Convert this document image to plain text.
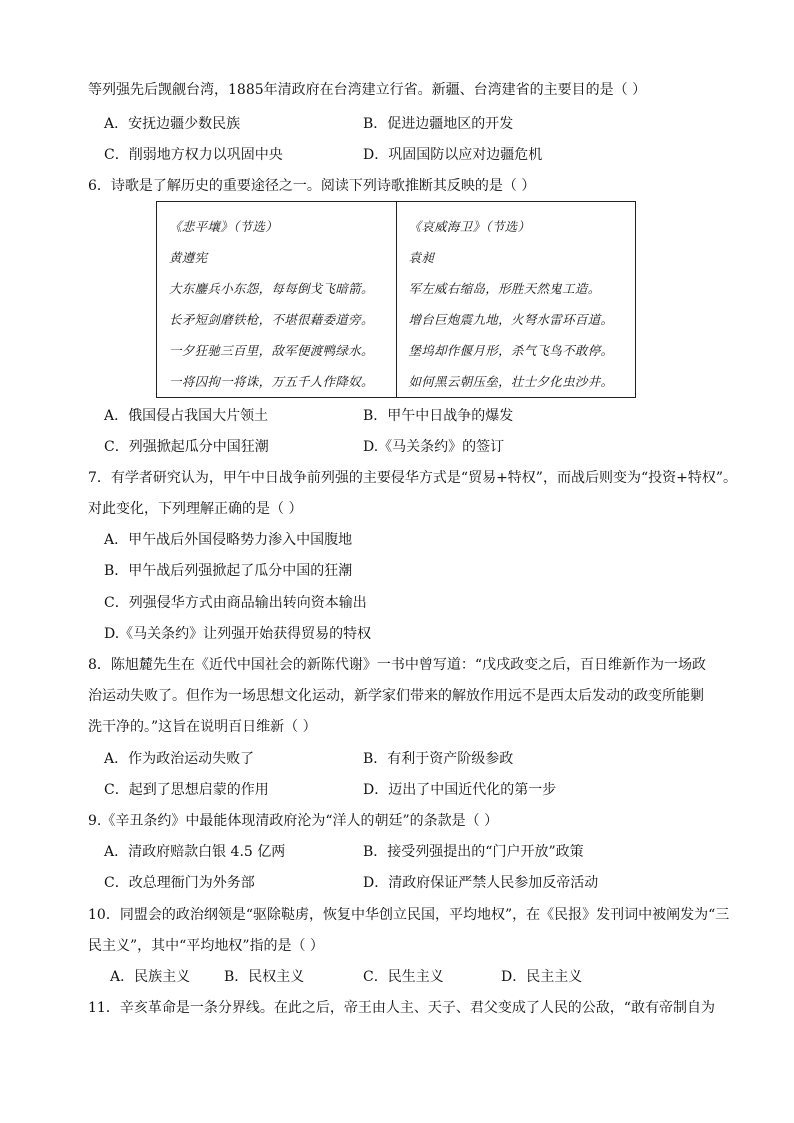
等列强先后觊觎台湾，1885年清政府在台湾建立行省。新疆、台湾建省的主要目的是（ ）
A．安抚边疆少数民族	B．促进边疆地区的开发
C．削弱地方权力以巩固中央	D．巩固国防以应对边疆危机
6．诗歌是了解历史的重要途径之一。阅读下列诗歌推断其反映的是（ ）
《悲平壤》（节选）
黄遵宪
大东鏖兵小东怨，每每倒戈飞暗箭。
长矛短剑磨铁枪，不堪很藉委道旁。
一夕狂驰三百里，敌军便渡鸭绿水。
一将囚拘一将诛，万五千人作降奴。
《哀威海卫》（节选）
袁昶
军左威右缩岛，形胜天然鬼工造。
增台巨炮震九地，火弩水雷环百道。
堡坞却作偃月形，杀气飞鸟不敢停。
如何黑云朝压垒，壮士夕化虫沙井。
A．俄国侵占我国大片领土	B．甲午中日战争的爆发
C．列强掀起瓜分中国狂潮	D.《马关条约》的签订
7．有学者研究认为，甲午中日战争前列强的主要侵华方式是“贸易+特权”，而战后则变为“投资+特权”。
对此变化，下列理解正确的是（ ）
A．甲午战后外国侵略势力渗入中国腹地
B．甲午战后列强掀起了瓜分中国的狂潮
C．列强侵华方式由商品输出转向资本输出
D.《马关条约》让列强开始获得贸易的特权
8．陈旭麓先生在《近代中国社会的新陈代谢》一书中曾写道：“戊戌政变之后，百日维新作为一场政
治运动失败了。但作为一场思想文化运动，新学家们带来的解放作用远不是西太后发动的政变所能剿
洗干净的。”这旨在说明百日维新（ ）
A．作为政治运动失败了	B．有利于资产阶级参政
C．起到了思想启蒙的作用	D．迈出了中国近代化的第一步
9.《辛丑条约》中最能体现清政府沦为“洋人的朝廷”的条款是（ ）
A．清政府赔款白银 4.5 亿两	B．接受列强提出的“门户开放”政策
C．改总理衙门为外务部	D．清政府保证严禁人民参加反帝活动
10．同盟会的政治纲领是“驱除鞑虏，恢复中华创立民国，平均地权”，在《民报》发刊词中被阐发为“三
民主义”，其中“平均地权”指的是（ ）
A．民族主义 B．民权主义	C．民生主义	D．民主主义
11．辛亥革命是一条分界线。在此之后，帝王由人主、天子、君父变成了人民的公敌，“敢有帝制自为
